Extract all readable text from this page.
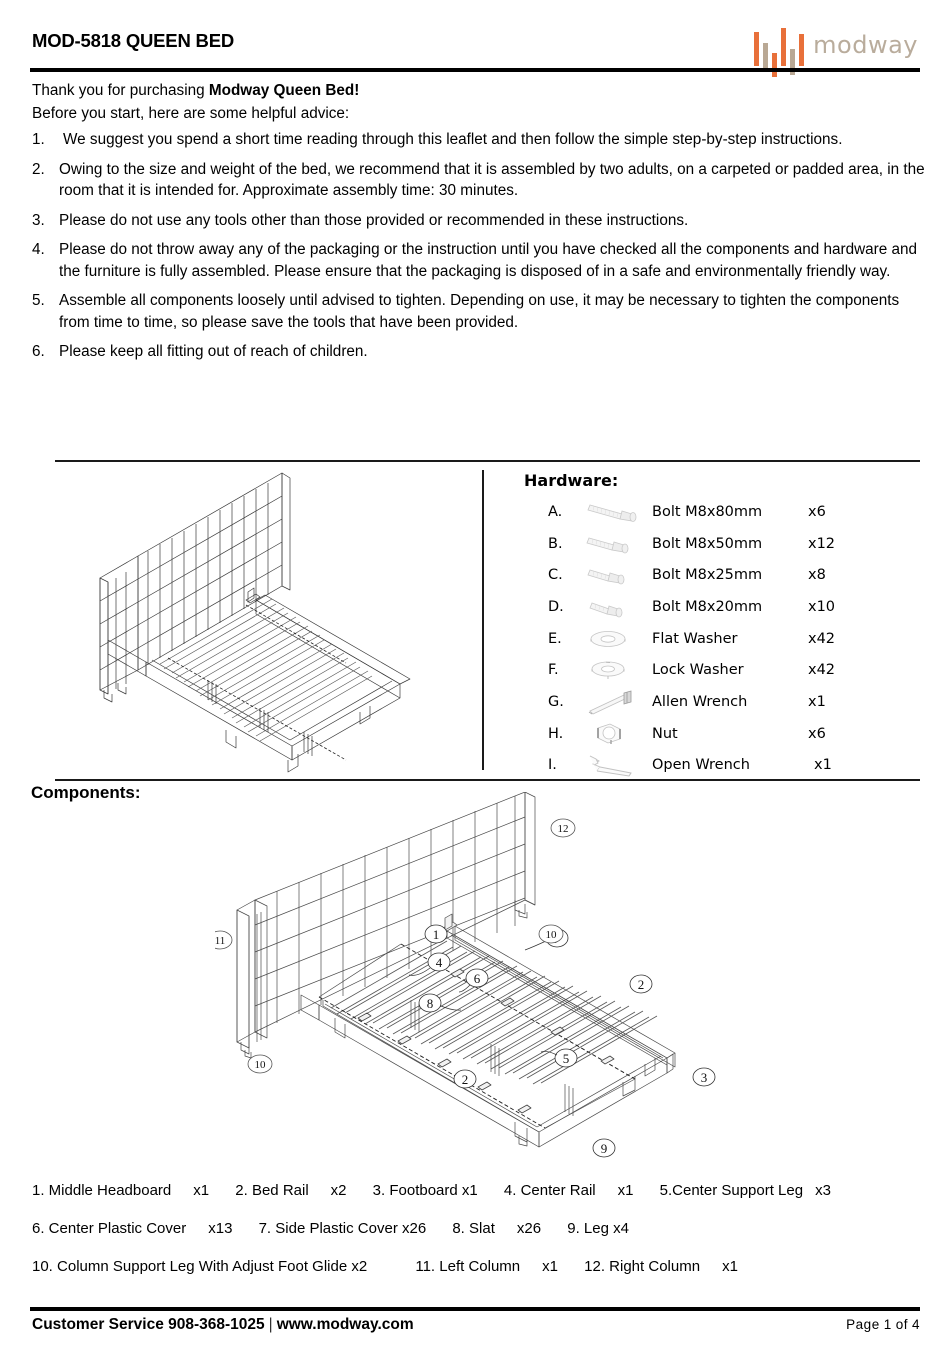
MOD-5818 QUEEN BED	modway
Thank you for purchasing Modway Queen Bed!
Before you start, here are some helpful advice:
1.	We suggest you spend a short time reading through this leaflet and then follow the simple step-by-step instructions.
2. Owing to the size and weight of the bed, we recommend that it is assembled by two adults, on a carpeted or padded area, in the room that it is intended for. Approximate assembly time: 30 minutes.
3. Please do not use any tools other than those provided or recommended in these instructions.
4. Please do not throw away any of the packaging or the instruction until you have checked all the components and hardware and the furniture is fully assembled. Please ensure that the packaging is disposed of in a safe and environmentally friendly way.
5. Assemble all components loosely until advised to tighten. Depending on use, it may be necessary to tighten the components from time to time, so please save the tools that have been provided.
6. Please keep all fitting out of reach of children.
Hardware:
A.	Bolt M8x80mm	x6
B.	Bolt M8x50mm	x12
C.	Bolt M8x25mm	x8
D.	Bolt M8x20mm	x10
E.	Flat Washer	x42
F.	Lock Washer	x42
G.	Allen Wrench	x1
H.	Nut	x6
I.	Open Wrench	x1
Components:
1
4
6
8
2
2
5
3
9
12
11
10
10
1. Middle Headboard x1 2. Bed Rail x2 3. Footboard x1 4. Center Rail x1 5.Center Support Leg x3
6. Center Plastic Cover x13 7. Side Plastic Cover x26 8. Slat x26 9. Leg x4
10. Column Support Leg With Adjust Foot Glide x2	11. Left Column x1 12. Right Column x1
Customer Service 908-368-1025 | www.modway.com	Page 1 of 4
